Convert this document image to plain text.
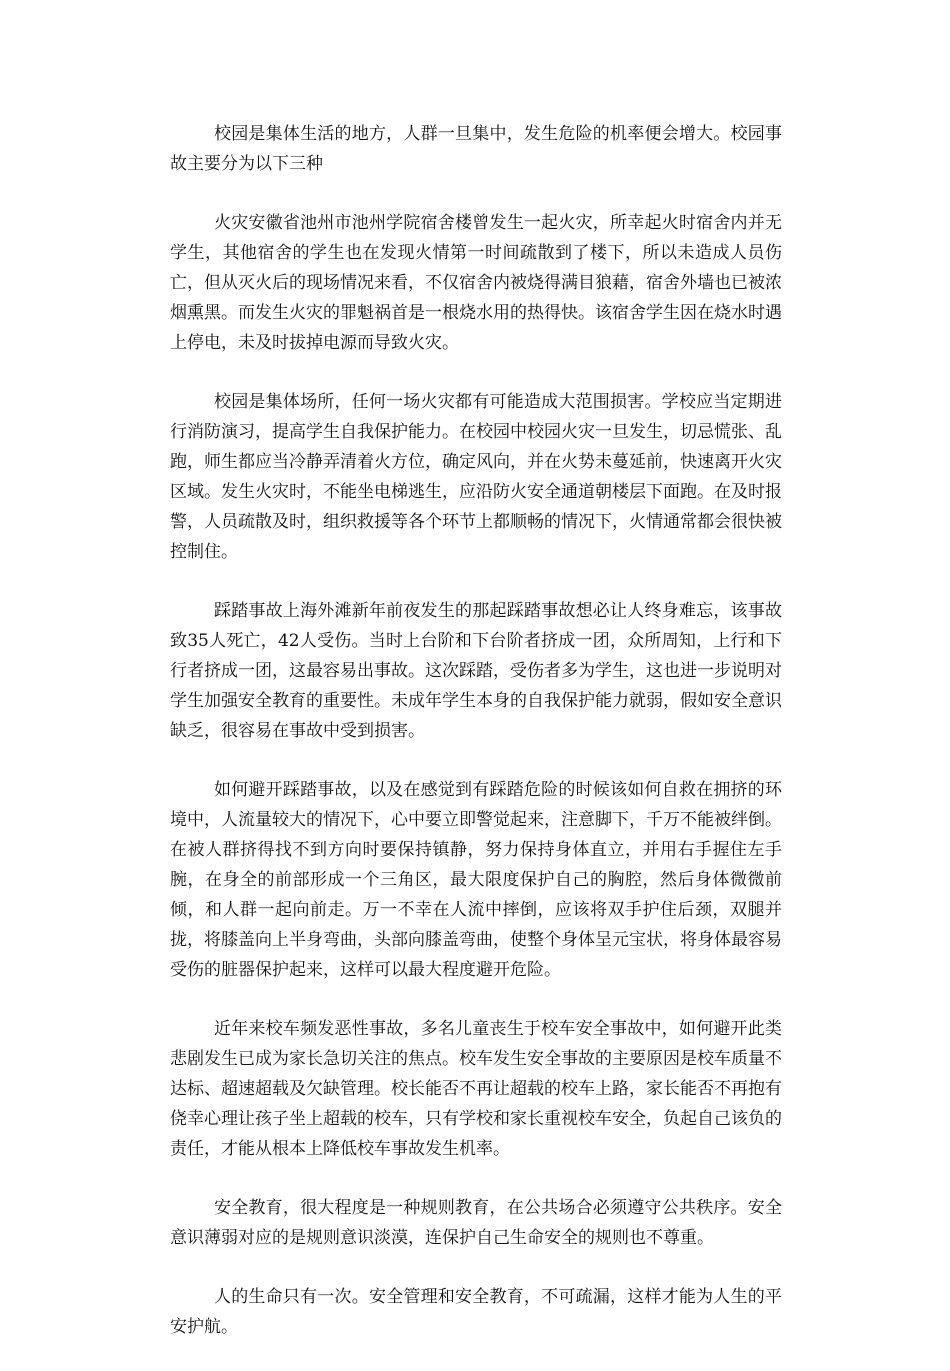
校园是集体生活的地方，人群一旦集中，发生危险的机率便会增大。校园事故主要分为以下三种

火灾安徽省池州市池州学院宿舍楼曾发生一起火灾，所幸起火时宿舍内并无学生，其他宿舍的学生也在发现火情第一时间疏散到了楼下，所以未造成人员伤亡，但从灭火后的现场情况来看，不仅宿舍内被烧得满目狼藉，宿舍外墙也已被浓烟熏黑。而发生火灾的罪魁祸首是一根烧水用的热得快。该宿舍学生因在烧水时遇上停电，未及时拔掉电源而导致火灾。

校园是集体场所，任何一场火灾都有可能造成大范围损害。学校应当定期进行消防演习，提高学生自我保护能力。在校园中校园火灾一旦发生，切忌慌张、乱跑，师生都应当冷静弄清着火方位，确定风向，并在火势未蔓延前，快速离开火灾区域。发生火灾时，不能坐电梯逃生，应沿防火安全通道朝楼层下面跑。在及时报警，人员疏散及时，组织救援等各个环节上都顺畅的情况下，火情通常都会很快被控制住。

踩踏事故上海外滩新年前夜发生的那起踩踏事故想必让人终身难忘，该事故致35人死亡，42人受伤。当时上台阶和下台阶者挤成一团，众所周知，上行和下行者挤成一团，这最容易出事故。这次踩踏，受伤者多为学生，这也进一步说明对学生加强安全教育的重要性。未成年学生本身的自我保护能力就弱，假如安全意识缺乏，很容易在事故中受到损害。

如何避开踩踏事故，以及在感觉到有踩踏危险的时候该如何自救在拥挤的环境中，人流量较大的情况下，心中要立即警觉起来，注意脚下，千万不能被绊倒。在被人群挤得找不到方向时要保持镇静，努力保持身体直立，并用右手握住左手腕，在身全的前部形成一个三角区，最大限度保护自己的胸腔，然后身体微微前倾，和人群一起向前走。万一不幸在人流中摔倒，应该将双手护住后颈，双腿并拢，将膝盖向上半身弯曲，头部向膝盖弯曲，使整个身体呈元宝状，将身体最容易受伤的脏器保护起来，这样可以最大程度避开危险。

近年来校车频发恶性事故，多名儿童丧生于校车安全事故中，如何避开此类悲剧发生已成为家长急切关注的焦点。校车发生安全事故的主要原因是校车质量不达标、超速超载及欠缺管理。校长能否不再让超载的校车上路，家长能否不再抱有侥幸心理让孩子坐上超载的校车，只有学校和家长重视校车安全，负起自己该负的责任，才能从根本上降低校车事故发生机率。

安全教育，很大程度是一种规则教育，在公共场合必须遵守公共秩序。安全意识薄弱对应的是规则意识淡漠，连保护自己生命安全的规则也不尊重。

人的生命只有一次。安全管理和安全教育，不可疏漏，这样才能为人生的平安护航。
